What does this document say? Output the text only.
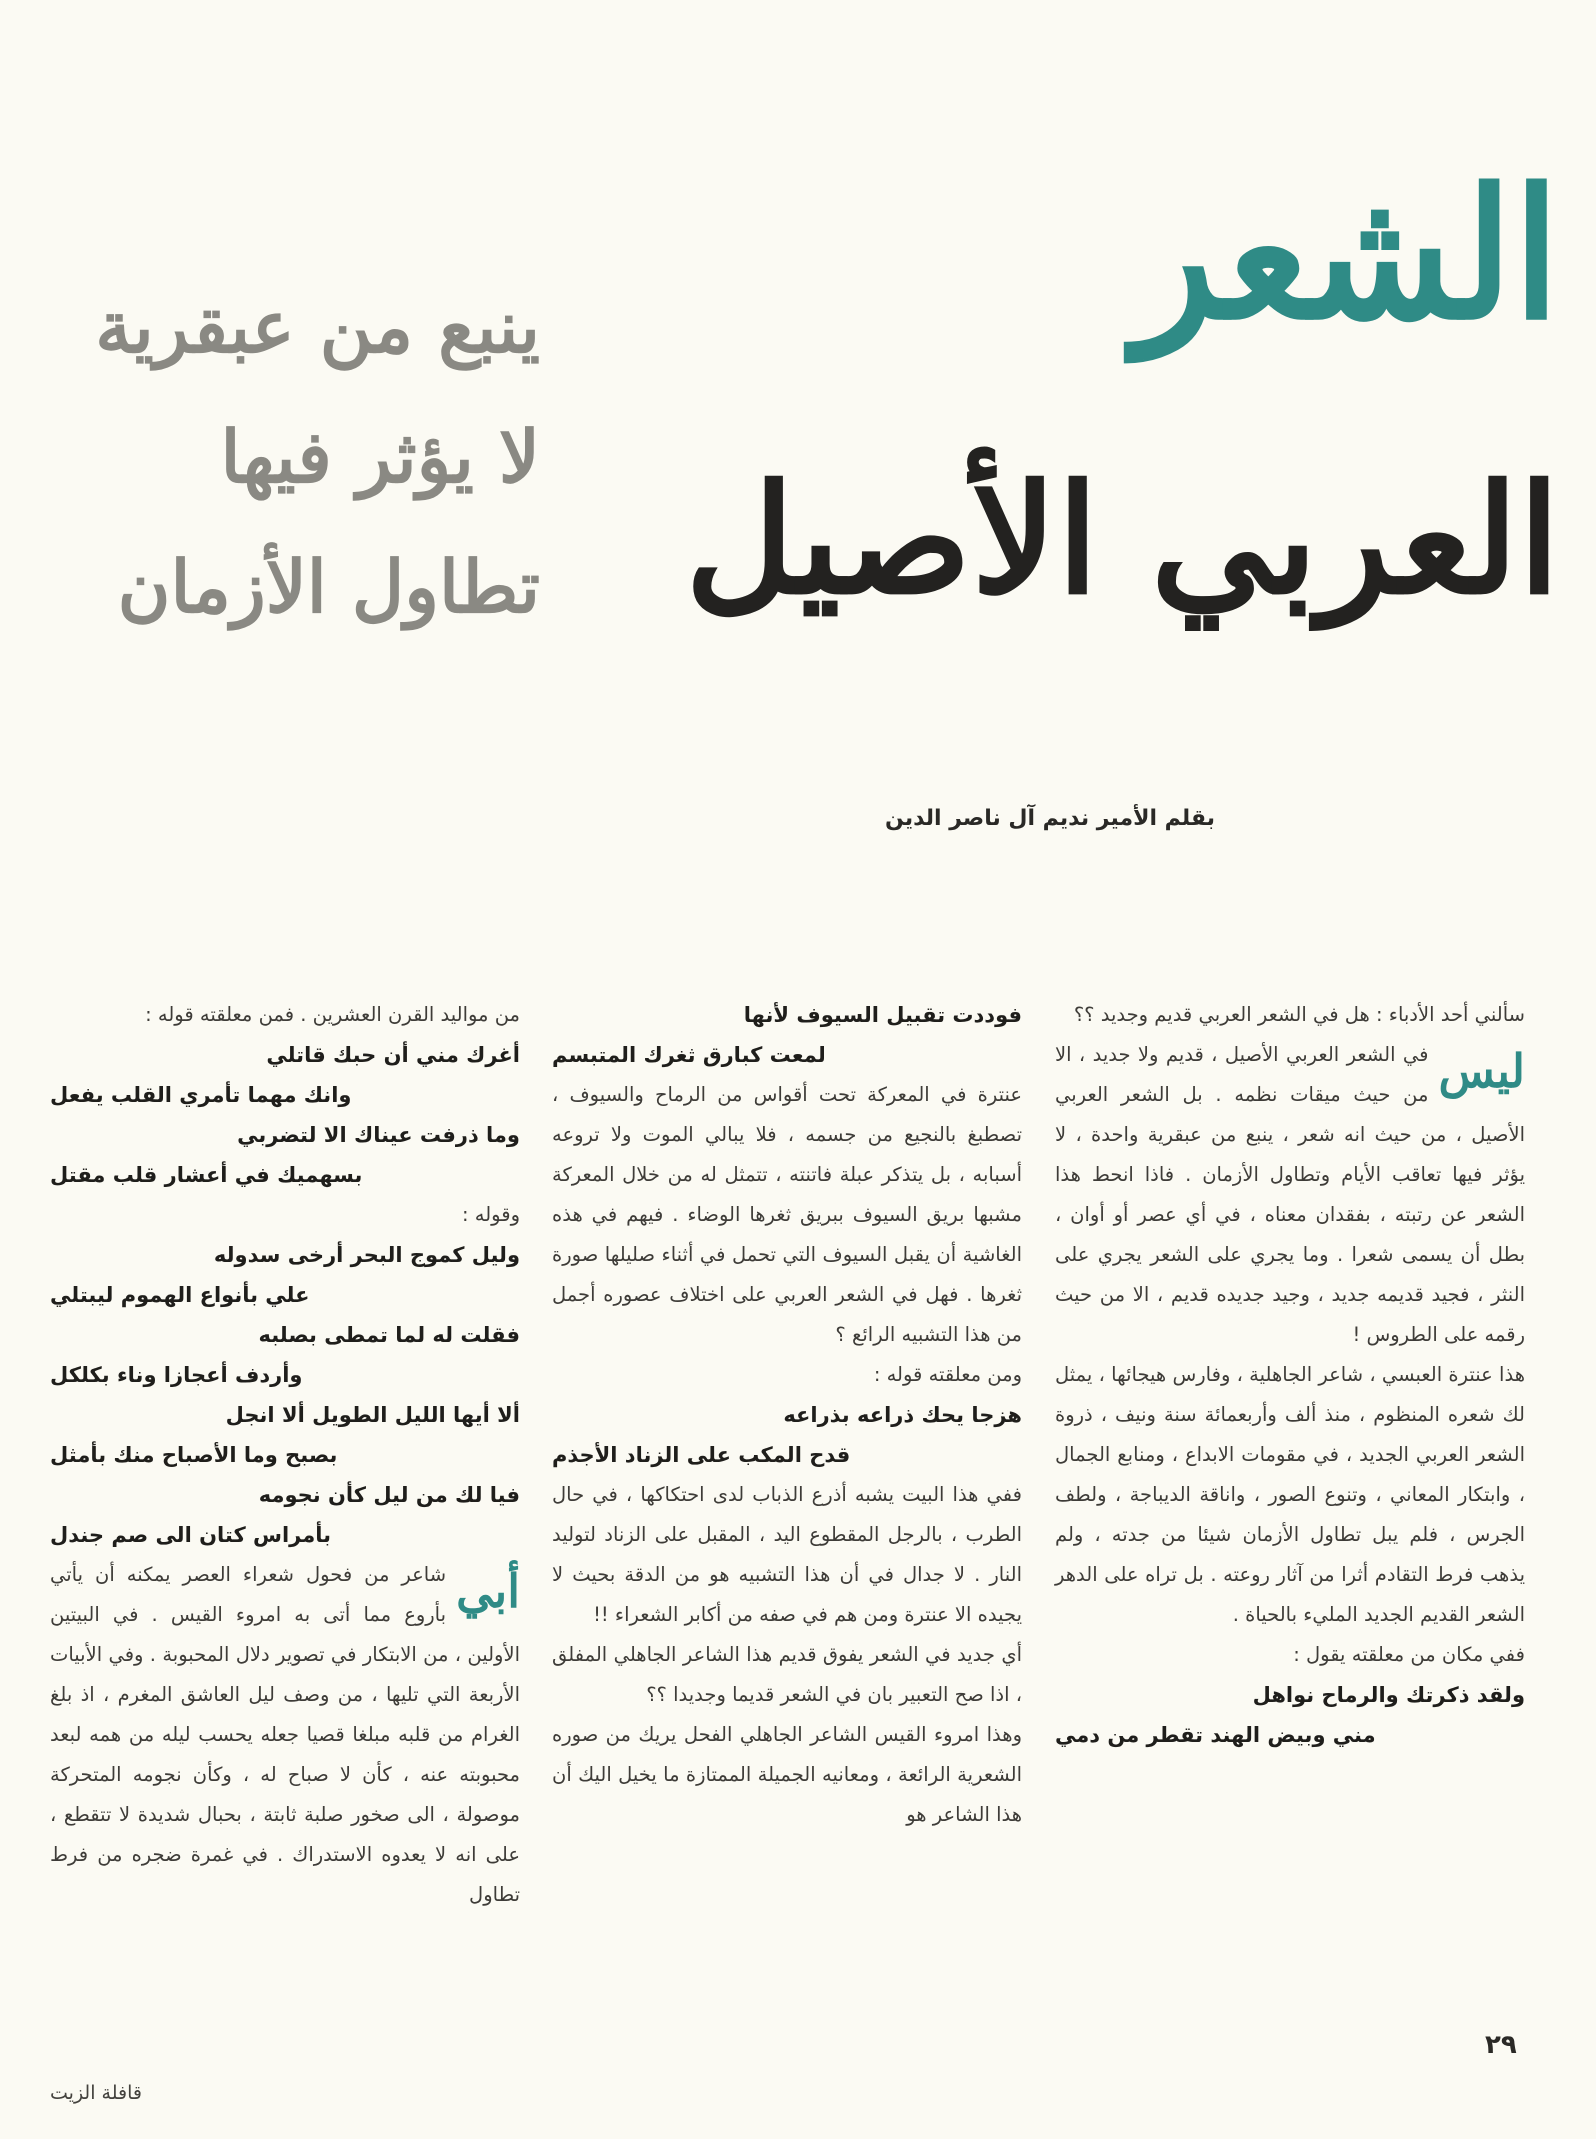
الشعر
العربي الأصيل
ينبع من عبقرية
لا يؤثر فيها
تطاول الأزمان
بقلم الأمير نديم آل ناصر الدين

سألني أحد الأدباء : هل في الشعر العربي قديم وجديد ؟؟

ليس
في الشعر العربي الأصيل ، قديم ولا جديد ، الا من حيث ميقات نظمه . بل الشعر العربي الأصيل ، من حيث انه شعر ، ينبع من عبقرية واحدة ، لا يؤثر فيها تعاقب الأيام وتطاول الأزمان . فاذا انحط هذا الشعر عن رتبته ، بفقدان معناه ، في أي عصر أو أوان ، بطل أن يسمى شعرا . وما يجري على الشعر يجري على النثر ، فجيد قديمه جديد ، وجيد جديده قديم ، الا من حيث رقمه على الطروس !

هذا عنترة العبسي ، شاعر الجاهلية ، وفارس هيجائها ، يمثل لك شعره المنظوم ، منذ ألف وأربعمائة سنة ونيف ، ذروة الشعر العربي الجديد ، في مقومات الابداع ، ومنابع الجمال ، وابتكار المعاني ، وتنوع الصور ، واناقة الديباجة ، ولطف الجرس ، فلم يبل تطاول الأزمان شيئا من جدته ، ولم يذهب فرط التقادم أثرا من آثار روعته . بل تراه على الدهر الشعر القديم الجديد المليء بالحياة .

ففي مكان من معلقته يقول :

ولقد ذكرتك والرماح نواهل

مني وبيض الهند تقطر من دمي

فوددت تقبيل السيوف لأنها

لمعت كبارق ثغرك المتبسم

عنترة في المعركة تحت أقواس من الرماح والسيوف ، تصطبغ بالنجيع من جسمه ، فلا يبالي الموت ولا تروعه أسبابه ، بل يتذكر عبلة فاتنته ، تتمثل له من خلال المعركة مشبها بريق السيوف ببريق ثغرها الوضاء . فيهم في هذه الغاشية أن يقبل السيوف التي تحمل في أثناء صليلها صورة ثغرها . فهل في الشعر العربي على اختلاف عصوره أجمل من هذا التشبيه الرائع ؟

ومن معلقته قوله :

هزجا يحك ذراعه بذراعه

قدح المكب على الزناد الأجذم

ففي هذا البيت يشبه أذرع الذباب لدى احتكاكها ، في حال الطرب ، بالرجل المقطوع اليد ، المقبل على الزناد لتوليد النار . لا جدال في أن هذا التشبيه هو من الدقة بحيث لا يجيده الا عنترة ومن هم في صفه من أكابر الشعراء !!

أي جديد في الشعر يفوق قديم هذا الشاعر الجاهلي المفلق ، اذا صح التعبير بان في الشعر قديما وجديدا ؟؟

وهذا امروء القيس الشاعر الجاهلي الفحل يريك من صوره الشعرية الرائعة ، ومعانيه الجميلة الممتازة ما يخيل اليك أن هذا الشاعر هو

من مواليد القرن العشرين . فمن معلقته قوله :

أغرك مني أن حبك قاتلي

وانك مهما تأمري القلب يفعل

وما ذرفت عيناك الا لتضربي

بسهميك في أعشار قلب مقتل

وقوله :

وليل كموج البحر أرخى سدوله

علي بأنواع الهموم ليبتلي

فقلت له لما تمطى بصلبه

وأردف أعجازا وناء بكلكل

ألا أيها الليل الطويل ألا انجل

بصبح وما الأصباح منك بأمثل

فيا لك من ليل كأن نجومه

بأمراس كتان الى صم جندل

أبي
شاعر من فحول شعراء العصر يمكنه أن يأتي بأروع مما أتى به امروء القيس . في البيتين الأولين ، من الابتكار في تصوير دلال المحبوبة . وفي الأبيات الأربعة التي تليها ، من وصف ليل العاشق المغرم ، اذ بلغ الغرام من قلبه مبلغا قصيا جعله يحسب ليله من همه لبعد محبوبته عنه ، كأن لا صباح له ، وكأن نجومه المتحركة موصولة ، الى صخور صلبة ثابتة ، بحبال شديدة لا تتقطع ، على انه لا يعدوه الاستدراك . في غمرة ضجره من فرط تطاول

٢٩
قافلة الزيت
